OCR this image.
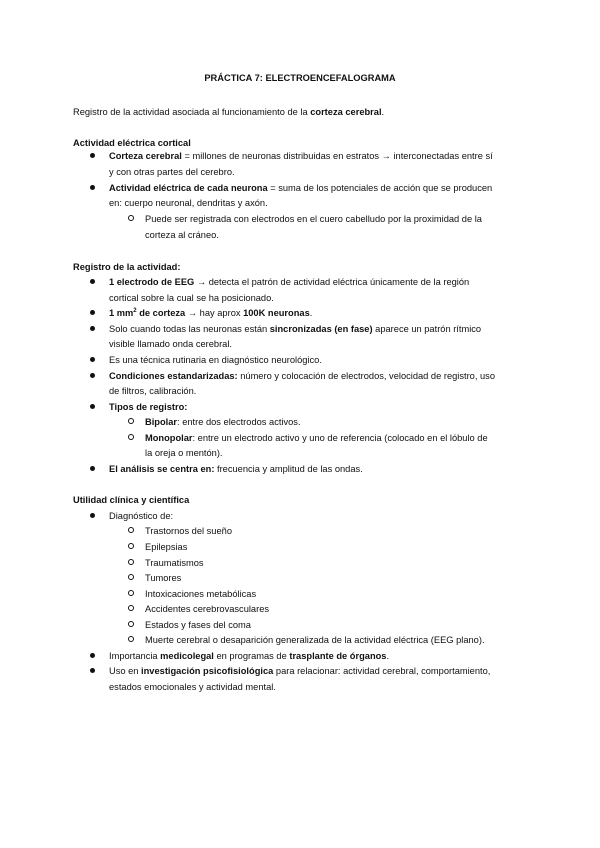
PRÁCTICA 7: ELECTROENCEFALOGRAMA
Registro de la actividad asociada al funcionamiento de la corteza cerebral.
Actividad eléctrica cortical
Corteza cerebral = millones de neuronas distribuidas en estratos → interconectadas entre sí
y con otras partes del cerebro.
Actividad eléctrica de cada neurona = suma de los potenciales de acción que se producen
en: cuerpo neuronal, dendritas y axón.
Puede ser registrada con electrodos en el cuero cabelludo por la proximidad de la
corteza al cráneo.
Registro de la actividad:
1 electrodo de EEG → detecta el patrón de actividad eléctrica únicamente de la región
cortical sobre la cual se ha posicionado.
1 $mm^2$ de corteza → hay aprox 100K neuronas.
Solo cuando todas las neuronas están sincronizadas (en fase) aparece un patrón rítmico
visible llamado onda cerebral.
Es una técnica rutinaria en diagnóstico neurológico.
Condiciones estandarizadas: número y colocación de electrodos, velocidad de registro, uso
de filtros, calibración.
Tipos de registro:
Bipolar: entre dos electrodos activos.
Monopolar: entre un electrodo activo y uno de referencia (colocado en el lóbulo de
la oreja o mentón).
El análisis se centra en: frecuencia y amplitud de las ondas.
Utilidad clínica y científica
Diagnóstico de:
Trastornos del sueño
Epilepsias
Traumatismos
Tumores
Intoxicaciones metabólicas
Accidentes cerebrovasculares
Estados y fases del coma
Muerte cerebral o desaparición generalizada de la actividad eléctrica (EEG plano).
Importancia medicolegal en programas de trasplante de órganos.
Uso en investigación psicofisiológica para relacionar: actividad cerebral, comportamiento,
estados emocionales y actividad mental.
